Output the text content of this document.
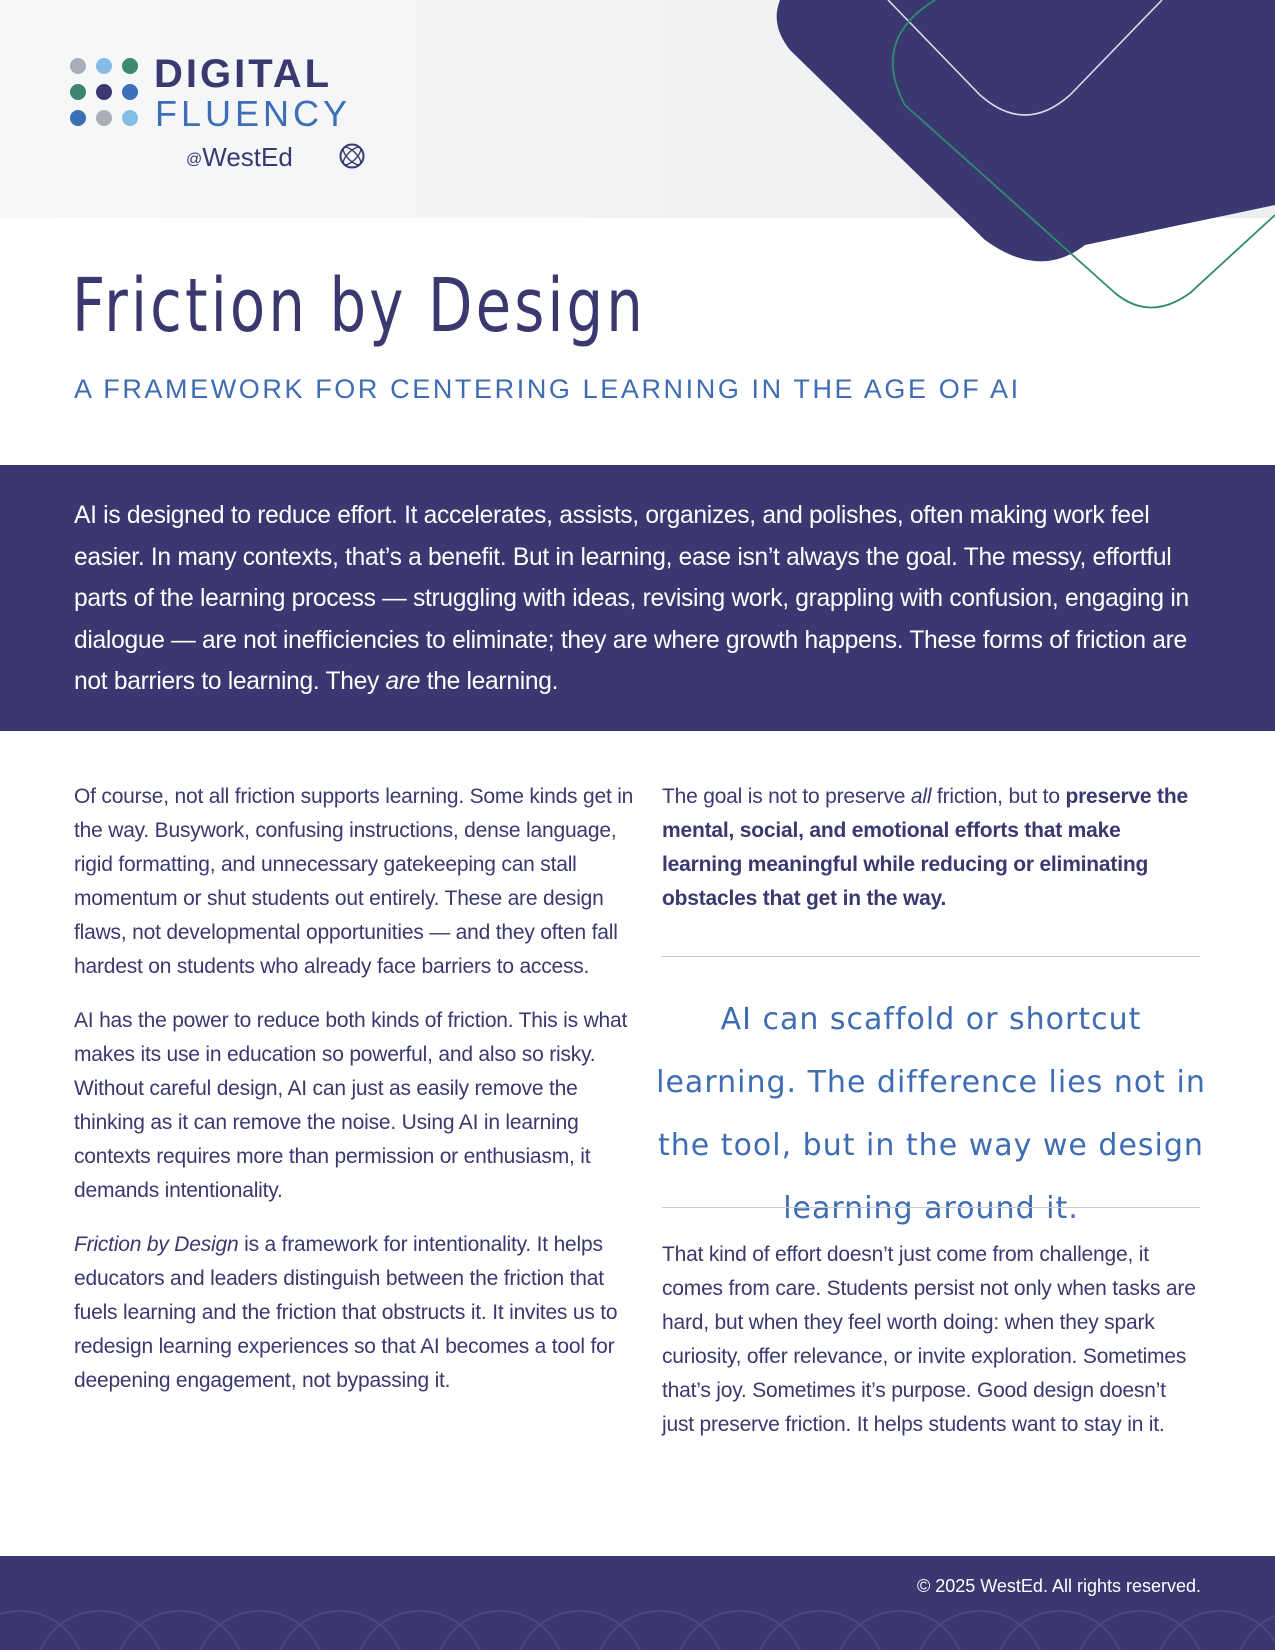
DIGITAL
FLUENCY
@WestEd
Friction by Design
A FRAMEWORK FOR CENTERING LEARNING IN THE AGE OF AI

AI is designed to reduce effort. It accelerates, assists, organizes, and polishes, often making work feel easier. In many contexts, that’s a benefit. But in learning, ease isn’t always the goal. The messy, effortful parts of the learning process — struggling with ideas, revising work, grappling with confusion, engaging in dialogue — are not inefficiencies to eliminate; they are where growth happens. These forms of friction are not barriers to learning. They are the learning.

Of course, not all friction supports learning. Some kinds get in the way. Busywork, confusing instructions, dense language, rigid formatting, and unnecessary gatekeeping can stall momentum or shut students out entirely. These are design flaws, not developmental opportunities — and they often fall hardest on students who already face barriers to access.

AI has the power to reduce both kinds of friction. This is what makes its use in education so powerful, and also so risky. Without careful design, AI can just as easily remove the thinking as it can remove the noise. Using AI in learning contexts requires more than permission or enthusiasm, it demands intentionality.

Friction by Design is a framework for intentionality. It helps educators and leaders distinguish between the friction that fuels learning and the friction that obstructs it. It invites us to redesign learning experiences so that AI becomes a tool for deepening engagement, not bypassing it.

The goal is not to preserve all friction, but to preserve the mental, social, and emotional efforts that make learning meaningful while reducing or eliminating obstacles that get in the way.

AI can scaffold or shortcut learning. The difference lies not in the tool, but in the way we design learning around it.

That kind of effort doesn’t just come from challenge, it comes from care. Students persist not only when tasks are hard, but when they feel worth doing: when they spark curiosity, offer relevance, or invite exploration. Sometimes that’s joy. Sometimes it’s purpose. Good design doesn’t just preserve friction. It helps students want to stay in it.

© 2025 WestEd. All rights reserved.
